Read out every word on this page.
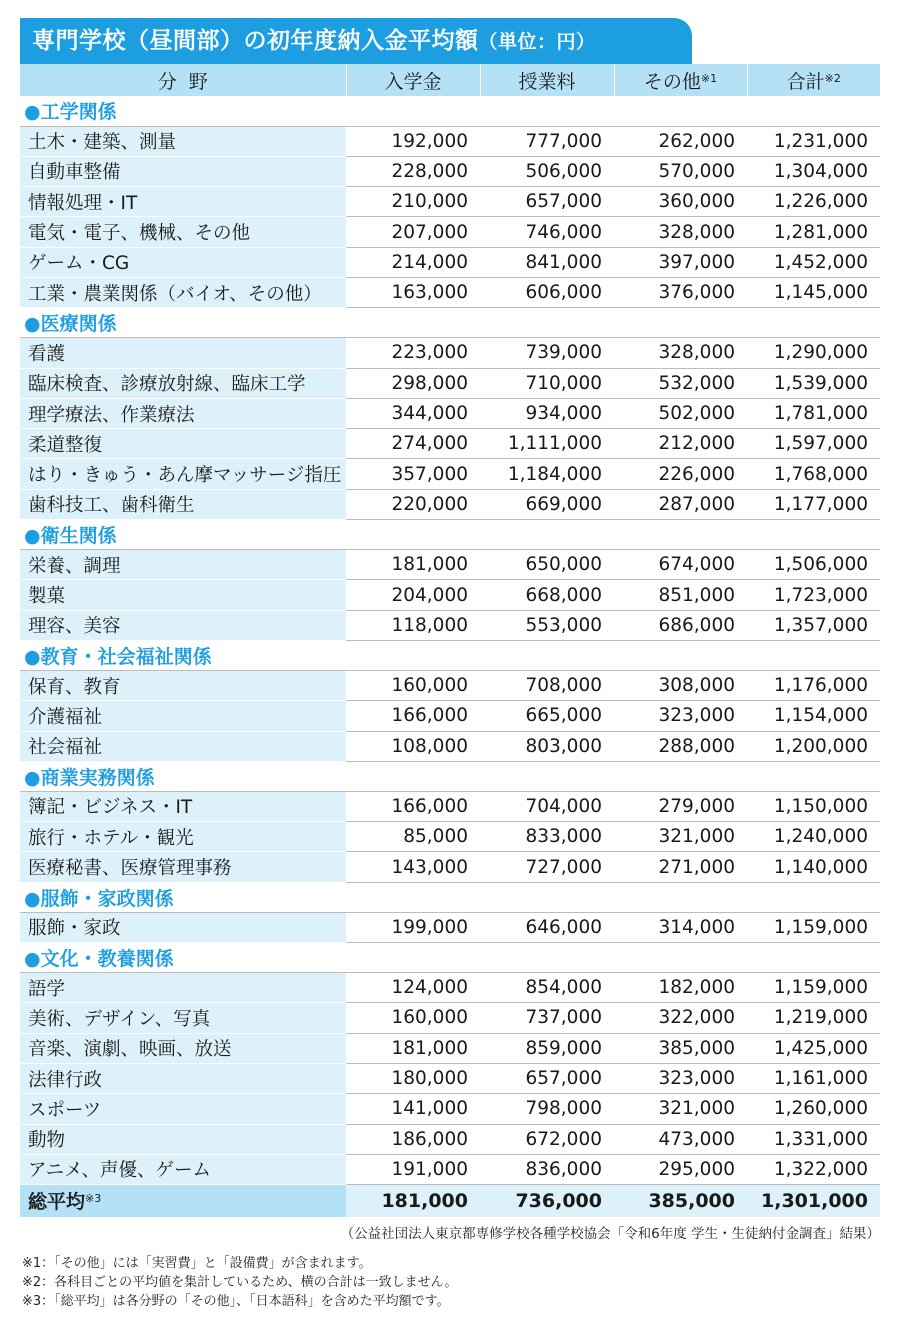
専門学校（昼間部）の初年度納入金平均額（単位：円）
分野	入学金	授業料	その他$^{※1}$	合計$^{※2}$
●工学関係				
土木・建築、測量	192,000	777,000	262,000	1,231,000
自動車整備	228,000	506,000	570,000	1,304,000
情報処理・IT	210,000	657,000	360,000	1,226,000
電気・電子、機械、その他	207,000	746,000	328,000	1,281,000
ゲーム・CG	214,000	841,000	397,000	1,452,000
工業・農業関係（バイオ、その他）	163,000	606,000	376,000	1,145,000
●医療関係				
看護	223,000	739,000	328,000	1,290,000
臨床検査、診療放射線、臨床工学	298,000	710,000	532,000	1,539,000
理学療法、作業療法	344,000	934,000	502,000	1,781,000
柔道整復	274,000	1,111,000	212,000	1,597,000
はり・きゅう・あん摩マッサージ指圧	357,000	1,184,000	226,000	1,768,000
歯科技工、歯科衛生	220,000	669,000	287,000	1,177,000
●衛生関係				
栄養、調理	181,000	650,000	674,000	1,506,000
製菓	204,000	668,000	851,000	1,723,000
理容、美容	118,000	553,000	686,000	1,357,000
●教育・社会福祉関係				
保育、教育	160,000	708,000	308,000	1,176,000
介護福祉	166,000	665,000	323,000	1,154,000
社会福祉	108,000	803,000	288,000	1,200,000
●商業実務関係				
簿記・ビジネス・IT	166,000	704,000	279,000	1,150,000
旅行・ホテル・観光	85,000	833,000	321,000	1,240,000
医療秘書、医療管理事務	143,000	727,000	271,000	1,140,000
●服飾・家政関係				
服飾・家政	199,000	646,000	314,000	1,159,000
●文化・教養関係				
語学	124,000	854,000	182,000	1,159,000
美術、デザイン、写真	160,000	737,000	322,000	1,219,000
音楽、演劇、映画、放送	181,000	859,000	385,000	1,425,000
法律行政	180,000	657,000	323,000	1,161,000
スポーツ	141,000	798,000	321,000	1,260,000
動物	186,000	672,000	473,000	1,331,000
アニメ、声優、ゲーム	191,000	836,000	295,000	1,322,000
総平均$^{※3}$	181,000	736,000	385,000	1,301,000
（公益社団法人東京都専修学校各種学校協会「令和6年度 学生・生徒納付金調査」結果）
※1：「その他」には「実習費」と「設備費」が含まれます。
※2：各科目ごとの平均値を集計しているため、横の合計は一致しません。
※3：「総平均」は各分野の「その他」、「日本語科」を含めた平均額です。
